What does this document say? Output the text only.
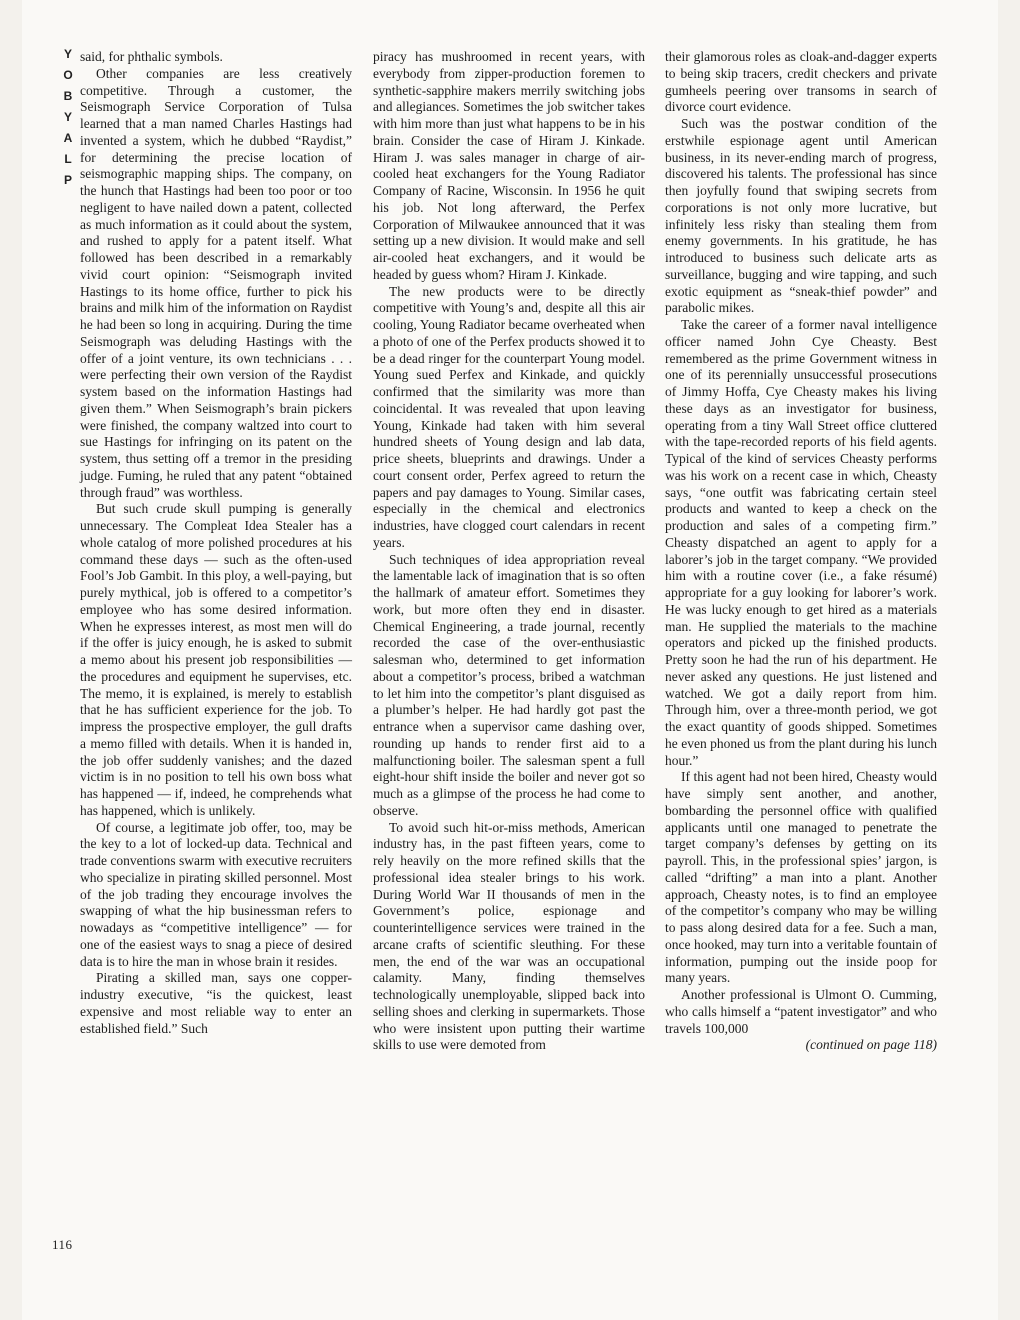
Y
O
B
Y
A
L
P
116

said, for phthalic symbols.

Other companies are less creatively competitive. Through a customer, the Seismograph Service Corporation of Tulsa learned that a man named Charles Hastings had invented a system, which he dubbed “Raydist,” for determining the precise location of seismographic mapping ships. The company, on the hunch that Hastings had been too poor or too negligent to have nailed down a patent, collected as much information as it could about the system, and rushed to apply for a patent itself. What followed has been described in a remarkably vivid court opinion: “Seismograph invited Hastings to its home office, further to pick his brains and milk him of the information on Raydist he had been so long in acquiring. During the time Seismograph was deluding Hastings with the offer of a joint venture, its own technicians . . . were perfecting their own version of the Raydist system based on the information Hastings had given them.” When Seismograph’s brain pickers were finished, the company waltzed into court to sue Hastings for infringing on its patent on the system, thus setting off a tremor in the presiding judge. Fuming, he ruled that any patent “obtained through fraud” was worthless.

But such crude skull pumping is generally unnecessary. The Compleat Idea Stealer has a whole catalog of more polished procedures at his command these days — such as the often-used Fool’s Job Gambit. In this ploy, a well-paying, but purely mythical, job is offered to a competitor’s employee who has some desired information. When he expresses interest, as most men will do if the offer is juicy enough, he is asked to submit a memo about his present job responsibilities — the procedures and equipment he supervises, etc. The memo, it is explained, is merely to establish that he has sufficient experience for the job. To impress the prospective employer, the gull drafts a memo filled with details. When it is handed in, the job offer suddenly vanishes; and the dazed victim is in no position to tell his own boss what has happened — if, indeed, he comprehends what has happened, which is unlikely.

Of course, a legitimate job offer, too, may be the key to a lot of locked-up data. Technical and trade conventions swarm with executive recruiters who specialize in pirating skilled personnel. Most of the job trading they encourage involves the swapping of what the hip businessman refers to nowadays as “competitive intelligence” — for one of the easiest ways to snag a piece of desired data is to hire the man in whose brain it resides.

Pirating a skilled man, says one copper-industry executive, “is the quickest, least expensive and most reliable way to enter an established field.” Such

piracy has mushroomed in recent years, with everybody from zipper-production foremen to synthetic-sapphire makers merrily switching jobs and allegiances. Sometimes the job switcher takes with him more than just what happens to be in his brain. Consider the case of Hiram J. Kinkade. Hiram J. was sales manager in charge of air-cooled heat exchangers for the Young Radiator Company of Racine, Wisconsin. In 1956 he quit his job. Not long afterward, the Perfex Corporation of Milwaukee announced that it was setting up a new division. It would make and sell air-cooled heat exchangers, and it would be headed by guess whom? Hiram J. Kinkade.

The new products were to be directly competitive with Young’s and, despite all this air cooling, Young Radiator became overheated when a photo of one of the Perfex products showed it to be a dead ringer for the counterpart Young model. Young sued Perfex and Kinkade, and quickly confirmed that the similarity was more than coincidental. It was revealed that upon leaving Young, Kinkade had taken with him several hundred sheets of Young design and lab data, price sheets, blueprints and drawings. Under a court consent order, Perfex agreed to return the papers and pay damages to Young. Similar cases, especially in the chemical and electronics industries, have clogged court calendars in recent years.

Such techniques of idea appropriation reveal the lamentable lack of imagination that is so often the hallmark of amateur effort. Sometimes they work, but more often they end in disaster. Chemical Engineering, a trade journal, recently recorded the case of the over-enthusiastic salesman who, determined to get information about a competitor’s process, bribed a watchman to let him into the competitor’s plant disguised as a plumber’s helper. He had hardly got past the entrance when a supervisor came dashing over, rounding up hands to render first aid to a malfunctioning boiler. The salesman spent a full eight-hour shift inside the boiler and never got so much as a glimpse of the process he had come to observe.

To avoid such hit-or-miss methods, American industry has, in the past fifteen years, come to rely heavily on the more refined skills that the professional idea stealer brings to his work. During World War II thousands of men in the Government’s police, espionage and counterintelligence services were trained in the arcane crafts of scientific sleuthing. For these men, the end of the war was an occupational calamity. Many, finding themselves technologically unemployable, slipped back into selling shoes and clerking in supermarkets. Those who were insistent upon putting their wartime skills to use were demoted from

their glamorous roles as cloak-and-dagger experts to being skip tracers, credit checkers and private gumheels peering over transoms in search of divorce court evidence.

Such was the postwar condition of the erstwhile espionage agent until American business, in its never-ending march of progress, discovered his talents. The professional has since then joyfully found that swiping secrets from corporations is not only more lucrative, but infinitely less risky than stealing them from enemy governments. In his gratitude, he has introduced to business such delicate arts as surveillance, bugging and wire tapping, and such exotic equipment as “sneak-thief powder” and parabolic mikes.

Take the career of a former naval intelligence officer named John Cye Cheasty. Best remembered as the prime Government witness in one of its perennially unsuccessful prosecutions of Jimmy Hoffa, Cye Cheasty makes his living these days as an investigator for business, operating from a tiny Wall Street office cluttered with the tape-recorded reports of his field agents. Typical of the kind of services Cheasty performs was his work on a recent case in which, Cheasty says, “one outfit was fabricating certain steel products and wanted to keep a check on the production and sales of a competing firm.” Cheasty dispatched an agent to apply for a laborer’s job in the target company. “We provided him with a routine cover (i.e., a fake résumé) appropriate for a guy looking for laborer’s work. He was lucky enough to get hired as a materials man. He supplied the materials to the machine operators and picked up the finished products. Pretty soon he had the run of his department. He never asked any questions. He just listened and watched. We got a daily report from him. Through him, over a three-month period, we got the exact quantity of goods shipped. Sometimes he even phoned us from the plant during his lunch hour.”

If this agent had not been hired, Cheasty would have simply sent another, and another, bombarding the personnel office with qualified applicants until one managed to penetrate the target company’s defenses by getting on its payroll. This, in the professional spies’ jargon, is called “drifting” a man into a plant. Another approach, Cheasty notes, is to find an employee of the competitor’s company who may be willing to pass along desired data for a fee. Such a man, once hooked, may turn into a veritable fountain of information, pumping out the inside poop for many years.

Another professional is Ulmont O. Cumming, who calls himself a “patent investigator” and who travels 100,000

(continued on page 118)
